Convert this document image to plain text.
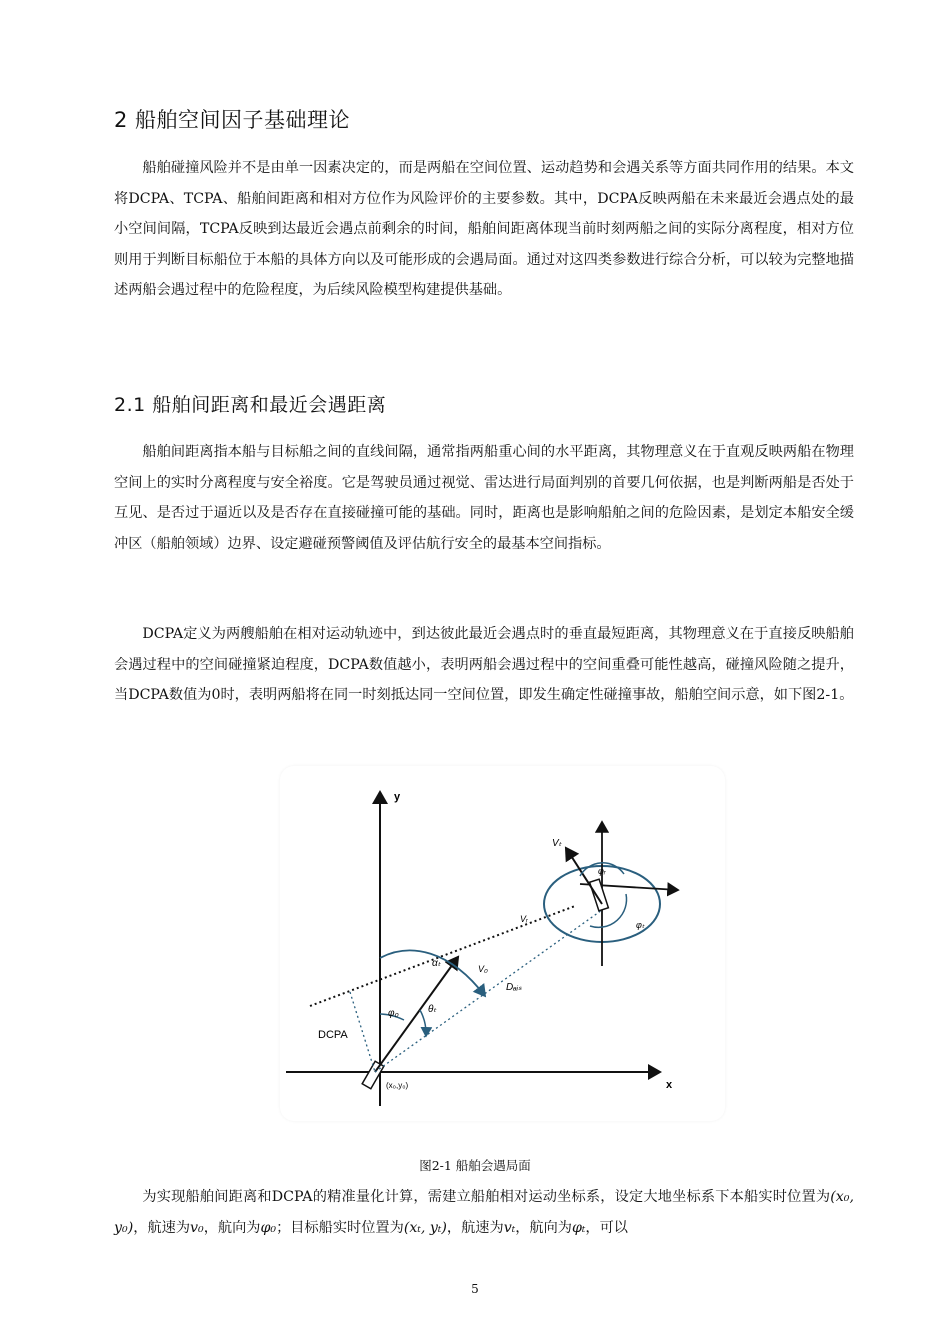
2 船舶空间因子基础理论

船舶碰撞风险并不是由单一因素决定的，而是两船在空间位置、运动趋势和会遇关系等方面共同作用的结果。本文将DCPA、TCPA、船舶间距离和相对方位作为风险评价的主要参数。其中，DCPA反映两船在未来最近会遇点处的最小空间间隔，TCPA反映到达最近会遇点前剩余的时间，船舶间距离体现当前时刻两船之间的实际分离程度，相对方位则用于判断目标船位于本船的具体方向以及可能形成的会遇局面。通过对这四类参数进行综合分析，可以较为完整地描述两船会遇过程中的危险程度，为后续风险模型构建提供基础。

2.1 船舶间距离和最近会遇距离

船舶间距离指本船与目标船之间的直线间隔，通常指两船重心间的水平距离，其物理意义在于直观反映两船在物理空间上的实时分离程度与安全裕度。它是驾驶员通过视觉、雷达进行局面判别的首要几何依据，也是判断两船是否处于互见、是否过于逼近以及是否存在直接碰撞可能的基础。同时，距离也是影响船舶之间的危险因素，是划定本船安全缓冲区（船舶领域）边界、设定避碰预警阈值及评估航行安全的最基本空间指标。

DCPA定义为两艘船舶在相对运动轨迹中，到达彼此最近会遇点时的垂直最短距离，其物理意义在于直接反映船舶会遇过程中的空间碰撞紧迫程度，DCPA数值越小，表明两船会遇过程中的空间重叠可能性越高，碰撞风险随之提升，当DCPA数值为0时，表明两船将在同一时刻抵达同一空间位置，即发生确定性碰撞事故，船舶空间示意，如下图2-1。

y
x
DCPA
(x₀,y₀)
φ₀	θₜ
αₜ	V₀
Dₐᵢₛ
Vₜ
Vᵣ
φᵣ
φₜ
图2-1 船舶会遇局面

为实现船舶间距离和DCPA的精准量化计算，需建立船舶相对运动坐标系，设定大地坐标系下本船实时位置为(x₀, y₀)，航速为v₀，航向为φ₀；目标船实时位置为(xₜ, yₜ)，航速为vₜ，航向为φₜ，可以

5
